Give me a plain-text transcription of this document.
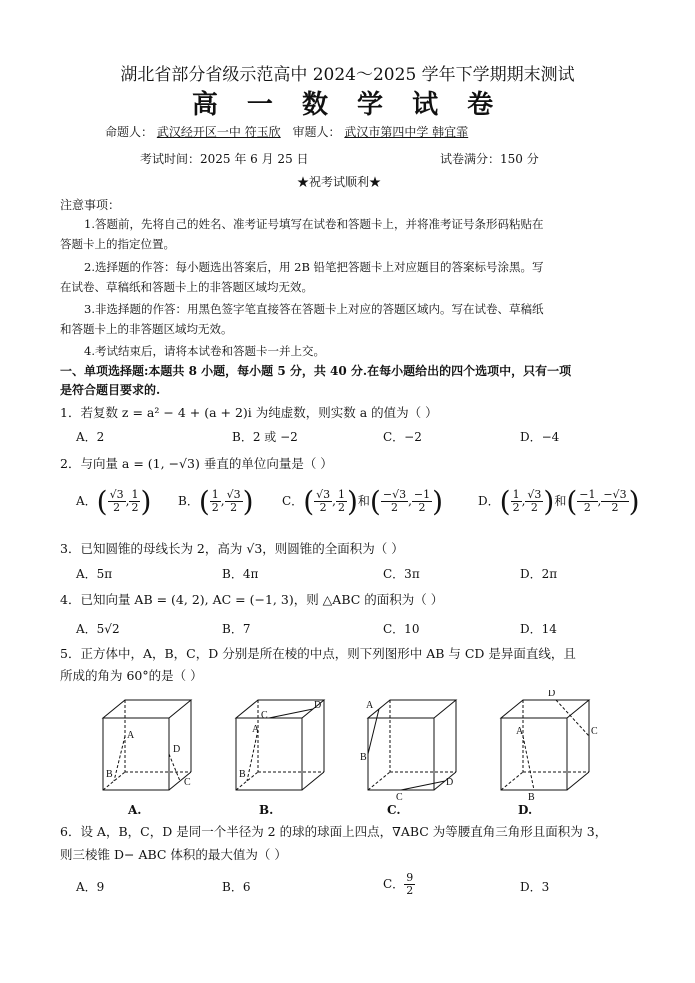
湖北省部分省级示范高中 2024～2025 学年下学期期末测试
高 一 数 学 试 卷
命题人： 武汉经开区一中 符玉欣 审题人： 武汉市第四中学 韩宜霏
考试时间：2025 年 6 月 25 日	试卷满分：150 分
★祝考试顺利★
注意事项：
1.答题前，先将自己的姓名、准考证号填写在试卷和答题卡上，并将准考证号条形码粘贴在
答题卡上的指定位置。
2.选择题的作答：每小题选出答案后，用 2B 铅笔把答题卡上对应题目的答案标号涂黑。写
在试卷、草稿纸和答题卡上的非答题区域均无效。
3.非选择题的作答：用黑色签字笔直接答在答题卡上对应的答题区域内。写在试卷、草稿纸
和答题卡上的非答题区域均无效。
4.考试结束后，请将本试卷和答题卡一并上交。
一、单项选择题:本题共 8 小题，每小题 5 分，共 40 分.在每小题给出的四个选项中，只有一项
是符合题目要求的.
1．若复数 z = a² − 4 + (a + 2)i 为纯虚数，则实数 a 的值为（ ）
A．2	B．2 或 −2	C．−2	D．−4
2．与向量 a = (1, −√3) 垂直的单位向量是（ ）
A．( $\frac{√3}{2}$ , $\frac{1}{2}$ ) B．( $\frac{1}{2}$ , $\frac{√3}{2}$ ) C．( $\frac{√3}{2}$ , $\frac{1}{2}$ )和( $\frac{-√3}{2}$ , $\frac{-1}{2}$ )	D．( $\frac{1}{2}$ , $\frac{√3}{2}$ )和( $\frac{-1}{2}$ , $\frac{-√3}{2}$ )
3．已知圆锥的母线长为 2，高为 √3，则圆锥的全面积为（ ）
A．5π	B．4π	C．3π	D．2π
4．已知向量 AB = (4, 2), AC = (−1, 3)，则 △ABC 的面积为（ ）
A．5√2	B．7	C．10	D．14
5．正方体中，A，B，C，D 分别是所在棱的中点，则下列图形中 AB 与 CD 是异面直线，且
所成的角为 60°的是（ ）
A
B
C
D
C
D
A
B
A
B
C
D
D
C
A
B
A.	B.	C.	D.
6．设 A，B，C，D 是同一个半径为 2 的球的球面上四点，∇ABC 为等腰直角三角形且面积为 3，
则三棱锥 D− ABC 体积的最大值为（ ）
A．9	B．6	C． $\frac{9}{2}$	D．3
